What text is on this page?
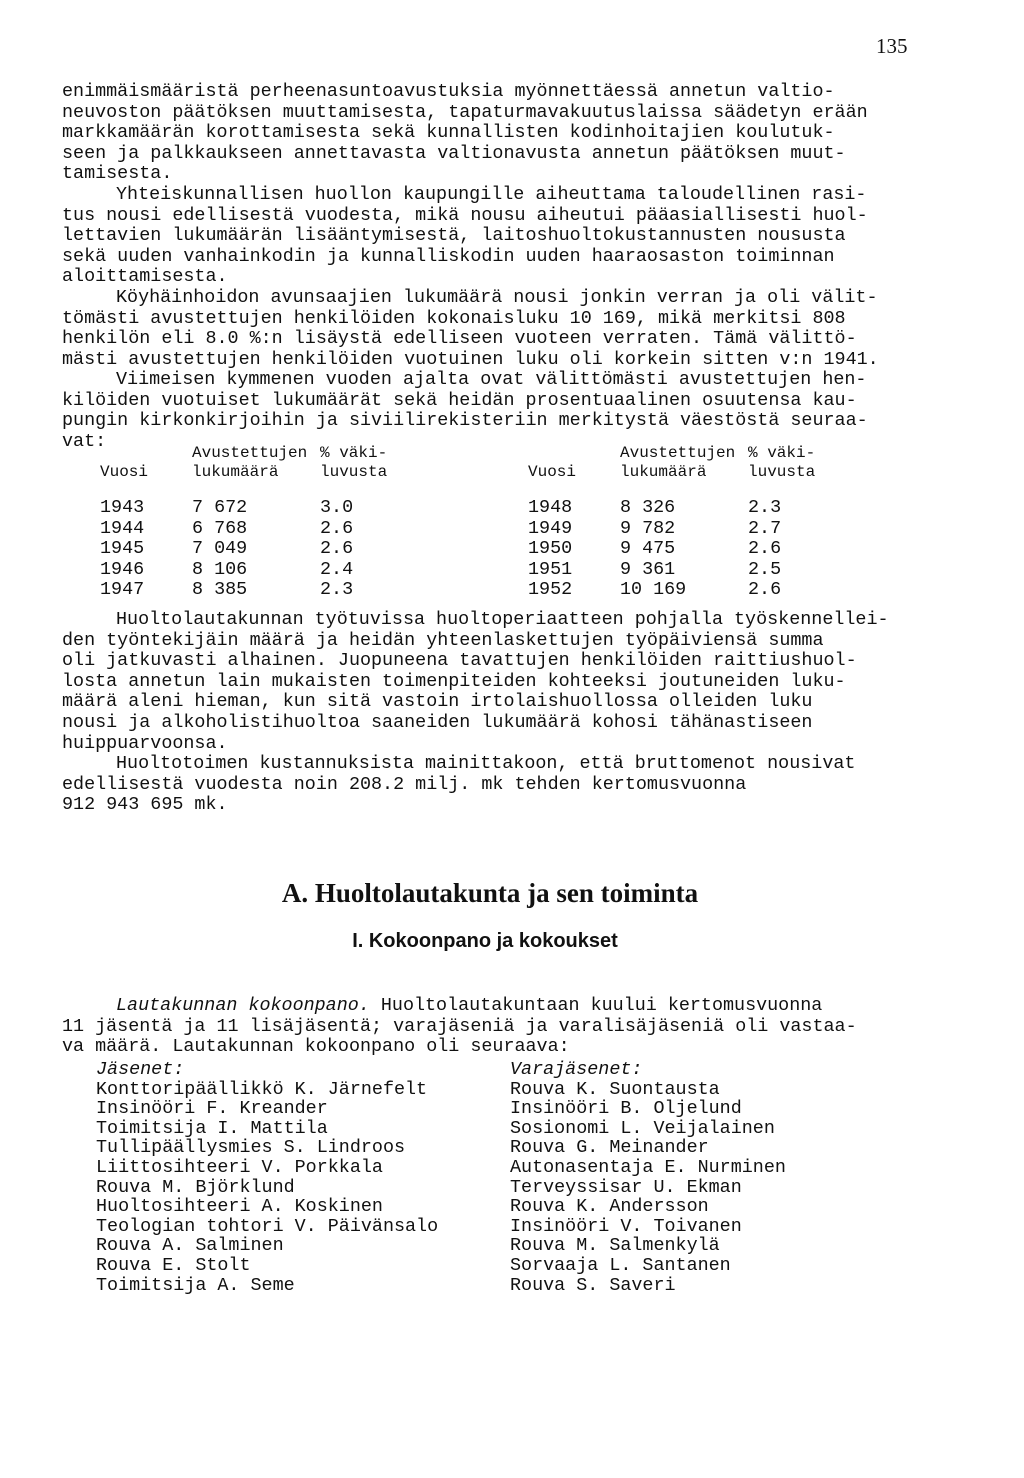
135
enimmäismääristä perheenasuntoavustuksia myönnettäessä annetun valtio-
neuvoston päätöksen muuttamisesta, tapaturmavakuutuslaissa säädetyn erään
markkamäärän korottamisesta sekä kunnallisten kodinhoitajien koulutuk-
seen ja palkkaukseen annettavasta valtionavusta annetun päätöksen muut-
tamisesta.
Yhteiskunnallisen huollon kaupungille aiheuttama taloudellinen rasi-
tus nousi edellisestä vuodesta, mikä nousu aiheutui pääasiallisesti huol-
lettavien lukumäärän lisääntymisestä, laitoshuoltokustannusten noususta
sekä uuden vanhainkodin ja kunnalliskodin uuden haaraosaston toiminnan
aloittamisesta.
Köyhäinhoidon avunsaajien lukumäärä nousi jonkin verran ja oli välit-
tömästi avustettujen henkilöiden kokonaisluku 10 169, mikä merkitsi 808
henkilön eli 8.0 %:n lisäystä edelliseen vuoteen verraten. Tämä välittö-
mästi avustettujen henkilöiden vuotuinen luku oli korkein sitten v:n 1941.
Viimeisen kymmenen vuoden ajalta ovat välittömästi avustettujen hen-
kilöiden vuotuiset lukumäärät sekä heidän prosentuaalinen osuutensa kau-
pungin kirkonkirjoihin ja siviilirekisteriin merkitystä väestöstä seuraa-
vat:
	Avustettujen	% väki-		Avustettujen	% väki-
Vuosi	lukumäärä	luvusta	Vuosi	lukumäärä	luvusta

1943	7 672	3.0	1948	8 326	2.3
1944	6 768	2.6	1949	9 782	2.7
1945	7 049	2.6	1950	9 475	2.6
1946	8 106	2.4	1951	9 361	2.5
1947	8 385	2.3	1952	10 169	2.6
Huoltolautakunnan työtuvissa huoltoperiaatteen pohjalla työskennellei-
den työntekijäin määrä ja heidän yhteenlaskettujen työpäiviensä summa
oli jatkuvasti alhainen. Juopuneena tavattujen henkilöiden raittiushuol-
losta annetun lain mukaisten toimenpiteiden kohteeksi joutuneiden luku-
määrä aleni hieman, kun sitä vastoin irtolaishuollossa olleiden luku
nousi ja alkoholistihuoltoa saaneiden lukumäärä kohosi tähänastiseen
huippuarvoonsa.
Huoltotoimen kustannuksista mainittakoon, että bruttomenot nousivat
edellisestä vuodesta noin 208.2 milj. mk tehden kertomusvuonna
912 943 695 mk.
A. Huoltolautakunta ja sen toiminta
I. Kokoonpano ja kokoukset
Lautakunnan kokoonpano. Huoltolautakuntaan kuului kertomusvuonna
11 jäsentä ja 11 lisäjäsentä; varajäseniä ja varalisäjäseniä oli vastaa-
va määrä. Lautakunnan kokoonpano oli seuraava:
Jäsenet:
Konttoripäällikkö K. Järnefelt
Insinööri F. Kreander
Toimitsija I. Mattila
Tullipäällysmies S. Lindroos
Liittosihteeri V. Porkkala
Rouva M. Björklund
Huoltosihteeri A. Koskinen
Teologian tohtori V. Päivänsalo
Rouva A. Salminen
Rouva E. Stolt
Toimitsija A. Seme
Varajäsenet:
Rouva K. Suontausta
Insinööri B. Oljelund
Sosionomi L. Veijalainen
Rouva G. Meinander
Autonasentaja E. Nurminen
Terveyssisar U. Ekman
Rouva K. Andersson
Insinööri V. Toivanen
Rouva M. Salmenkylä
Sorvaaja L. Santanen
Rouva S. Saveri
